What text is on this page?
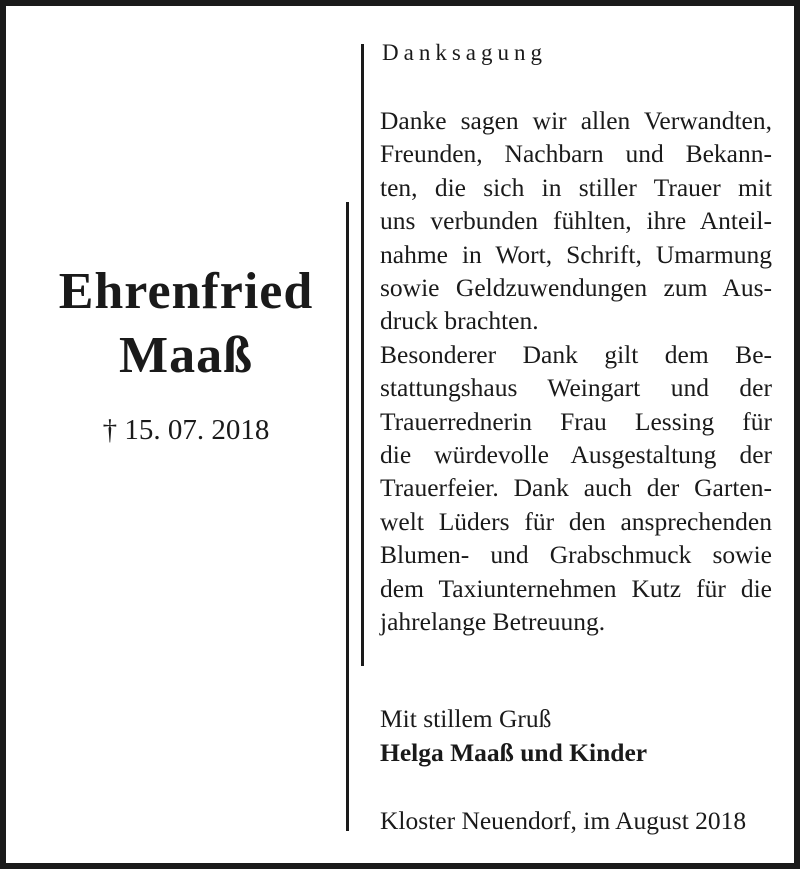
Ehrenfried
Maaß
† 15. 07. 2018
Danksagung
Danke sagen wir allen Verwandten,
Freunden, Nachbarn und Bekann-
ten, die sich in stiller Trauer mit
uns verbunden fühlten, ihre Anteil-
nahme in Wort, Schrift, Umarmung
sowie Geldzuwendungen zum Aus-
druck brachten.
Besonderer Dank gilt dem Be-
stattungshaus Weingart und der
Trauerrednerin Frau Lessing für
die würdevolle Ausgestaltung der
Trauerfeier. Dank auch der Garten-
welt Lüders für den ansprechenden
Blumen- und Grabschmuck sowie
dem Taxiunternehmen Kutz für die
jahrelange Betreuung.
Mit stillem Gruß
Helga Maaß und Kinder
Kloster Neuendorf, im August 2018
